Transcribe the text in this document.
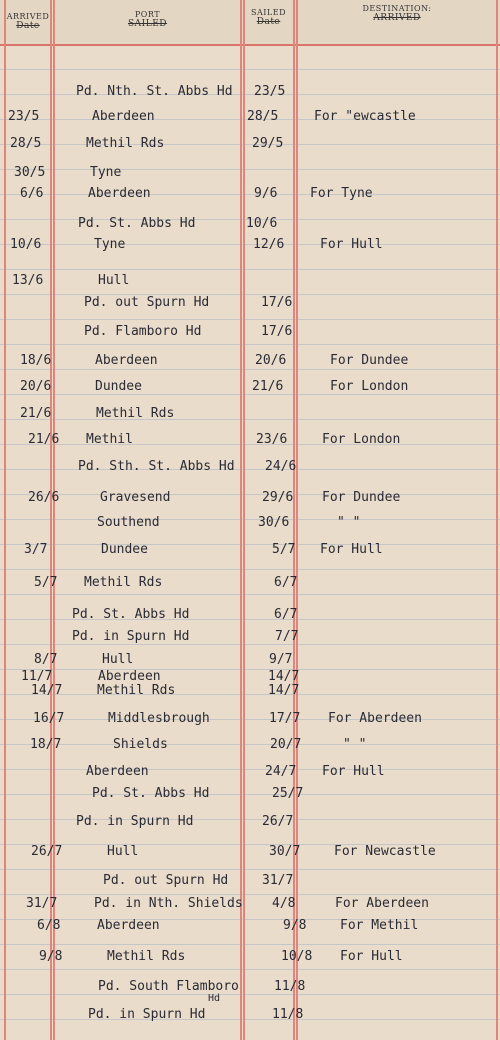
ARRIVED
Date
PORT
SAILED
SAILED
Date
DESTINATION:
ARRIVED
Pd. Nth. St. Abbs Hd 23/5
23/5	Aberdeen	28/5	For "ewcastle
28/5	Methil Rds	29/5
30/5	Tyne
6/6	Aberdeen	9/6	For Tyne
Pd. St. Abbs Hd	10/6
10/6	Tyne	12/6	For Hull
13/6	Hull
Pd. out Spurn Hd	17/6
Pd. Flamboro Hd	17/6
18/6	Aberdeen	20/6	For Dundee
20/6	Dundee	21/6	For London
21/6	Methil Rds
21/6 Methil	23/6	For London
Pd. Sth. St. Abbs Hd 24/6
26/6	Gravesend	29/6 For Dundee
Southend	30/6	" "
3/7	Dundee	5/7 For Hull
5/7 Methil Rds	6/7
Pd. St. Abbs Hd	6/7
Pd. in Spurn Hd	7/7
8/7	Hull	9/7
11/7	Aberdeen	14/7
14/7	Methil Rds	14/7
16/7	Middlesbrough	17/7 For Aberdeen
18/7	Shields	20/7	" "
Aberdeen	24/7 For Hull
Pd. St. Abbs Hd	25/7
Pd. in Spurn Hd	26/7
26/7	Hull	30/7	For Newcastle
Pd. out Spurn Hd	31/7
31/7	Pd. in Nth. Shields 4/8	For Aberdeen
6/8	Aberdeen	9/8	For Methil
9/8	Methil Rds	10/8 For Hull
Pd. South Flamboro	11/8
Hd
Pd. in Spurn Hd	11/8
